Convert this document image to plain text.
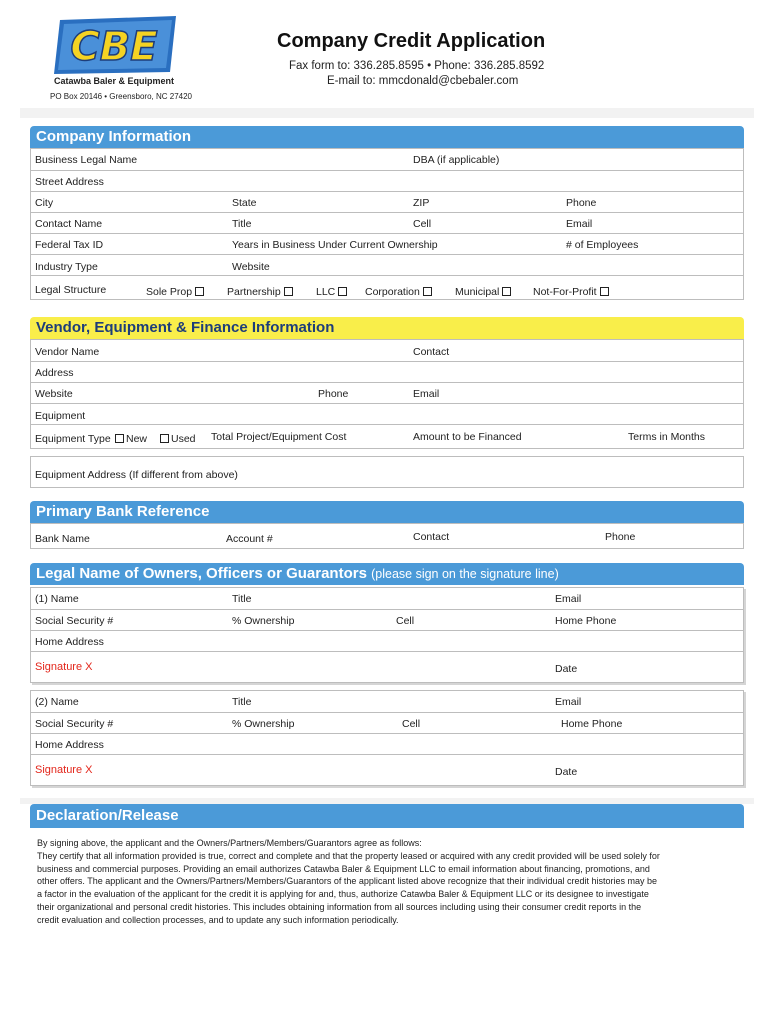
CBE
Catawba Baler & Equipment
PO Box 20146 • Greensboro, NC 27420
Company Credit Application
Fax form to: 336.285.8595 • Phone: 336.285.8592
E-mail to: mmcdonald@cbebaler.com
Company Information
Business Legal Name	DBA (if applicable)
Street Address
City	State	ZIP	Phone
Contact Name	Title	Cell	Email
Federal Tax ID	Years in Business Under Current Ownership	# of Employees
Industry Type	Website
Legal Structure	Sole Prop	Partnership	LLC	Corporation	Municipal	Not-For-Profit
Vendor, Equipment & Finance Information
Vendor Name	Contact
Address
Website	Phone	Email
Equipment
Equipment Type	New	Used Total Project/Equipment Cost	Amount to be Financed	Terms in Months
Equipment Address (If different from above)
Primary Bank Reference
Bank Name	Account #	Contact	Phone
Legal Name of Owners, Officers or Guarantors (please sign on the signature line)
(1) Name	Title	Email
Social Security #	% Ownership	Cell	Home Phone
Home Address
Signature X	Date
(2) Name	Title	Email
Social Security #	% Ownership	Cell	Home Phone
Home Address
Signature X	Date
Declaration/Release
By signing above, the applicant and the Owners/Partners/Members/Guarantors agree as follows:
They certify that all information provided is true, correct and complete and that the property leased or acquired with any credit provided will be used solely for
business and commercial purposes. Providing an email authorizes Catawba Baler & Equipment LLC to email information about financing, promotions, and
other offers. The applicant and the Owners/Partners/Members/Guarantors of the applicant listed above recognize that their individual credit histories may be
a factor in the evaluation of the applicant for the credit it is applying for and, thus, authorize Catawba Baler & Equipment LLC or its designee to investigate
their organizational and personal credit histories. This includes obtaining information from all sources including using their consumer credit reports in the
credit evaluation and collection processes, and to update any such information periodically.
